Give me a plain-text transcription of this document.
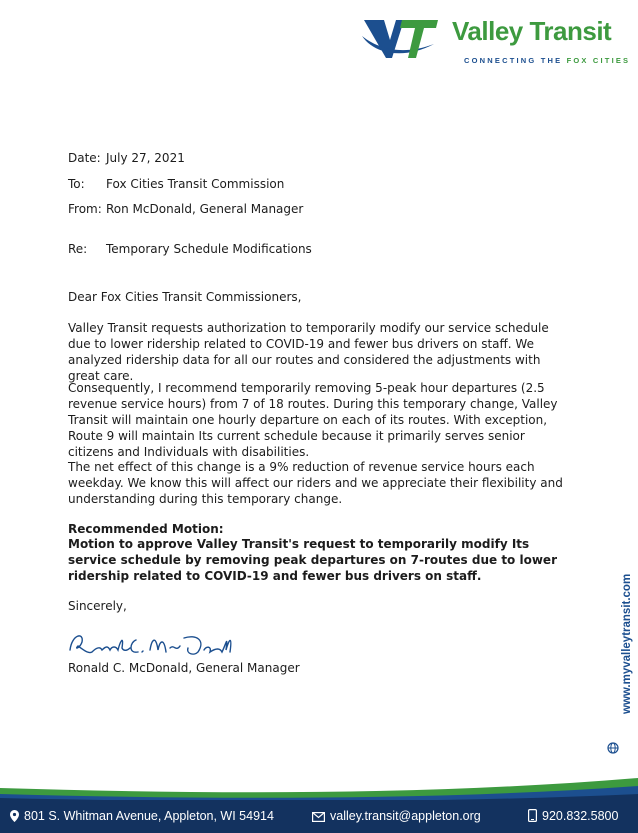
Valley Transit
CONNECTING THE FOX CITIES
Date: July 27, 2021
To: Fox Cities Transit Commission
From: Ron McDonald, General Manager
Re: Temporary Schedule Modifications

Dear Fox Cities Transit Commissioners,

Valley Transit requests authorization to temporarily modify our service schedule due to lower ridership related to COVID-19 and fewer bus drivers on staff. We analyzed ridership data for all our routes and considered the adjustments with great care.

Consequently, I recommend temporarily removing 5-peak hour departures (2.5 revenue service hours) from 7 of 18 routes. During this temporary change, Valley Transit will maintain one hourly departure on each of its routes. With exception, Route 9 will maintain Its current schedule because it primarily serves senior citizens and Individuals with disabilities.

The net effect of this change is a 9% reduction of revenue service hours each weekday. We know this will affect our riders and we appreciate their flexibility and understanding during this temporary change.

Recommended Motion:

Motion to approve Valley Transit's request to temporarily modify Its service schedule by removing peak departures on 7-routes due to lower ridership related to COVID-19 and fewer bus drivers on staff.

Sincerely,

Ronald C. McDonald, General Manager	www.myvalleytransit.com
801 S. Whitman Avenue, Appleton, WI 54914	valley.transit@appleton.org	920.832.5800
